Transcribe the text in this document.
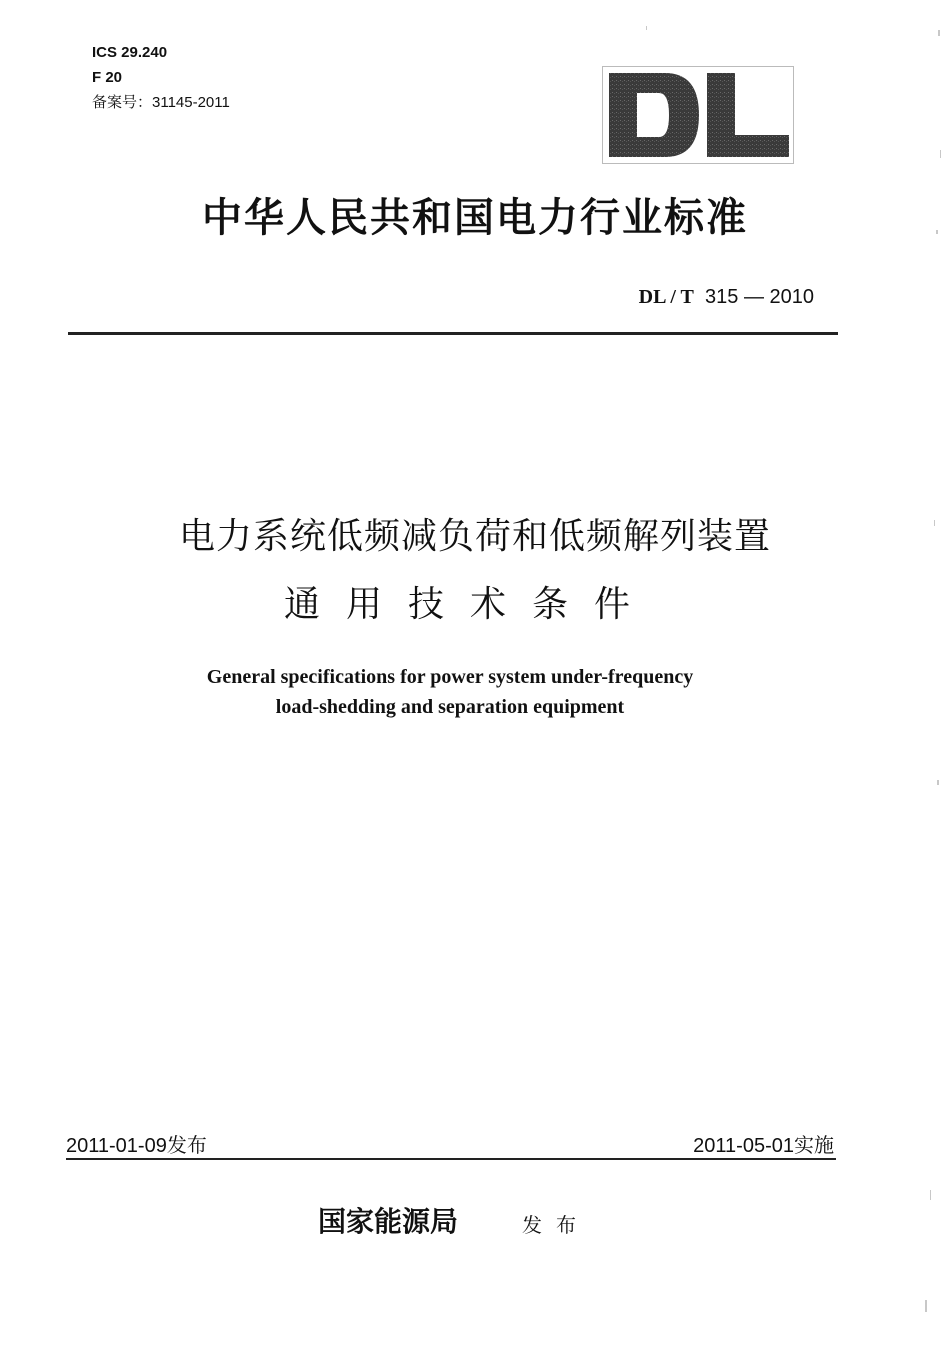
ICS 29.240
F 20
备案号：31145-2011
中华人民共和国电力行业标准
DL / T 315 — 2010
电力系统低频减负荷和低频解列装置
通用技术条件
General specifications for power system under-frequency
load-shedding and separation equipment
2011-01-09发布	2011-05-01实施
国家能源局	发布
